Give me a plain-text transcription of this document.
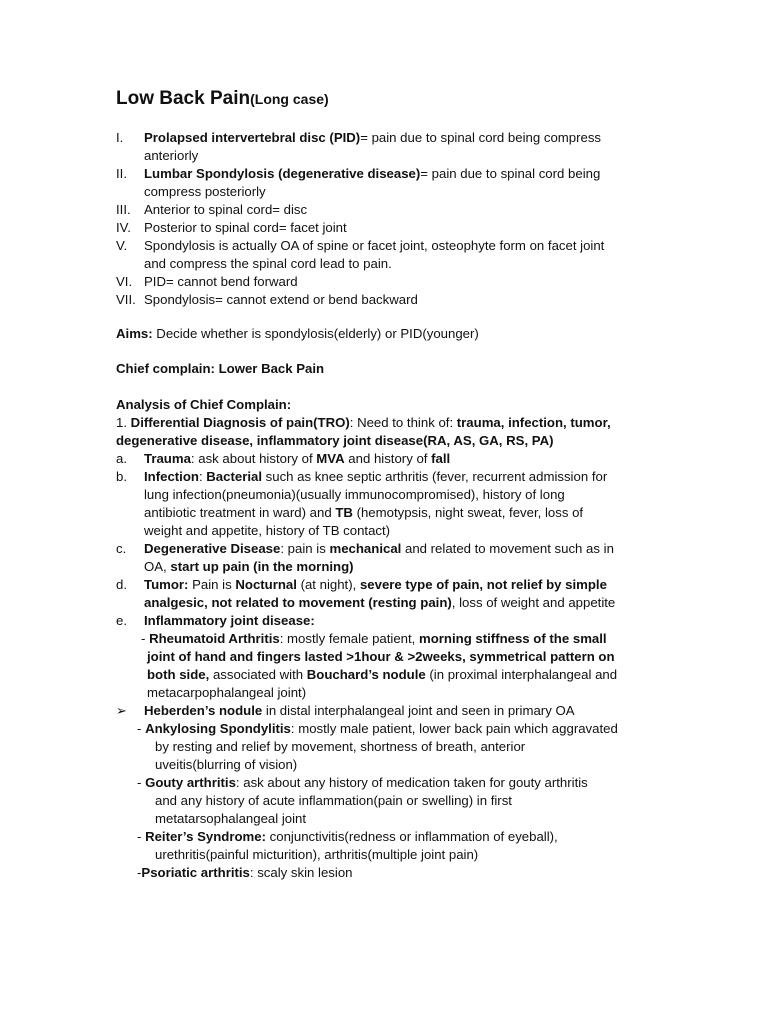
Low Back Pain(Long case)
I. Prolapsed intervertebral disc (PID)= pain due to spinal cord being compress
anteriorly
II. Lumbar Spondylosis (degenerative disease)= pain due to spinal cord being
compress posteriorly
III. Anterior to spinal cord= disc
IV. Posterior to spinal cord= facet joint
V. Spondylosis is actually OA of spine or facet joint, osteophyte form on facet joint
and compress the spinal cord lead to pain.
VI. PID= cannot bend forward
VII. Spondylosis= cannot extend or bend backward
Aims: Decide whether is spondylosis(elderly) or PID(younger)
Chief complain: Lower Back Pain
Analysis of Chief Complain:
1. Differential Diagnosis of pain(TRO): Need to think of: trauma, infection, tumor,
degenerative disease, inflammatory joint disease(RA, AS, GA, RS, PA)
a. Trauma: ask about history of MVA and history of fall
b. Infection: Bacterial such as knee septic arthritis (fever, recurrent admission for
lung infection(pneumonia)(usually immunocompromised), history of long
antibiotic treatment in ward) and TB (hemotypsis, night sweat, fever, loss of
weight and appetite, history of TB contact)
c. Degenerative Disease: pain is mechanical and related to movement such as in
OA, start up pain (in the morning)
d. Tumor: Pain is Nocturnal (at night), severe type of pain, not relief by simple
analgesic, not related to movement (resting pain), loss of weight and appetite
e. Inflammatory joint disease:
- Rheumatoid Arthritis: mostly female patient, morning stiffness of the small
joint of hand and fingers lasted >1hour & >2weeks, symmetrical pattern on
both side, associated with Bouchard’s nodule (in proximal interphalangeal and
metacarpophalangeal joint)
➢ Heberden’s nodule in distal interphalangeal joint and seen in primary OA
- Ankylosing Spondylitis: mostly male patient, lower back pain which aggravated
by resting and relief by movement, shortness of breath, anterior
uveitis(blurring of vision)
- Gouty arthritis: ask about any history of medication taken for gouty arthritis
and any history of acute inflammation(pain or swelling) in first
metatarsophalangeal joint
- Reiter’s Syndrome: conjunctivitis(redness or inflammation of eyeball),
urethritis(painful micturition), arthritis(multiple joint pain)
-Psoriatic arthritis: scaly skin lesion
